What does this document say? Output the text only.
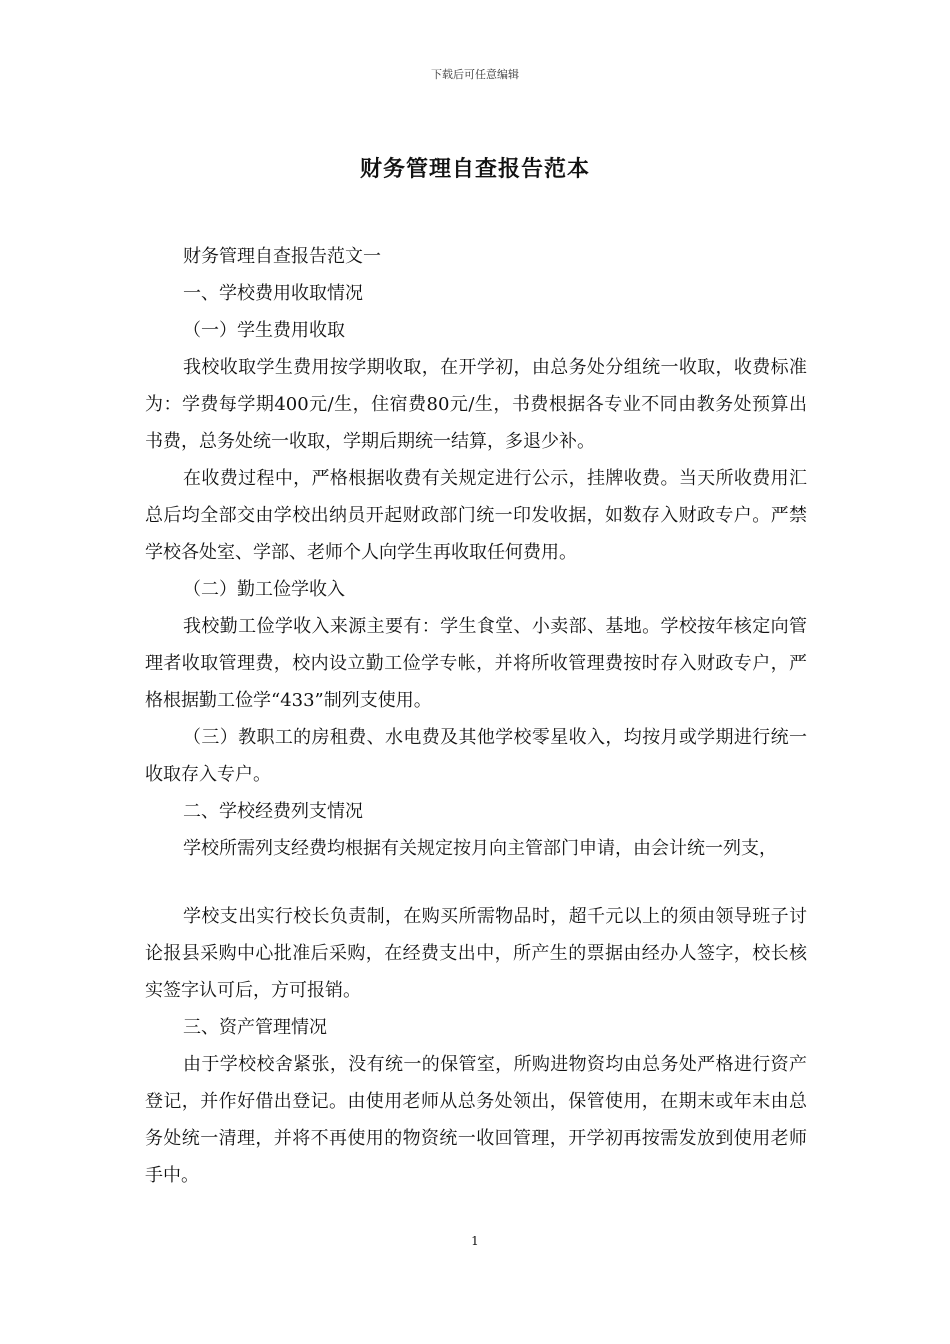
下载后可任意编辑
财务管理自查报告范本

财务管理自查报告范文一

一、学校费用收取情况

（一）学生费用收取

我校收取学生费用按学期收取，在开学初，由总务处分组统一收取，收费标准为：学费每学期400元/生，住宿费80元/生，书费根据各专业不同由教务处预算出书费，总务处统一收取，学期后期统一结算，多退少补。

在收费过程中，严格根据收费有关规定进行公示，挂牌收费。当天所收费用汇总后均全部交由学校出纳员开起财政部门统一印发收据，如数存入财政专户。严禁学校各处室、学部、老师个人向学生再收取任何费用。

（二）勤工俭学收入

我校勤工俭学收入来源主要有：学生食堂、小卖部、基地。学校按年核定向管理者收取管理费，校内设立勤工俭学专帐，并将所收管理费按时存入财政专户，严格根据勤工俭学“433”制列支使用。

（三）教职工的房租费、水电费及其他学校零星收入，均按月或学期进行统一收取存入专户。

二、学校经费列支情况

学校所需列支经费均根据有关规定按月向主管部门申请，由会计统一列支，

学校支出实行校长负责制，在购买所需物品时，超千元以上的须由领导班子讨论报县采购中心批准后采购，在经费支出中，所产生的票据由经办人签字，校长核实签字认可后，方可报销。

三、资产管理情况

由于学校校舍紧张，没有统一的保管室，所购进物资均由总务处严格进行资产登记，并作好借出登记。由使用老师从总务处领出，保管使用，在期末或年末由总务处统一清理，并将不再使用的物资统一收回管理，开学初再按需发放到使用老师手中。

1
